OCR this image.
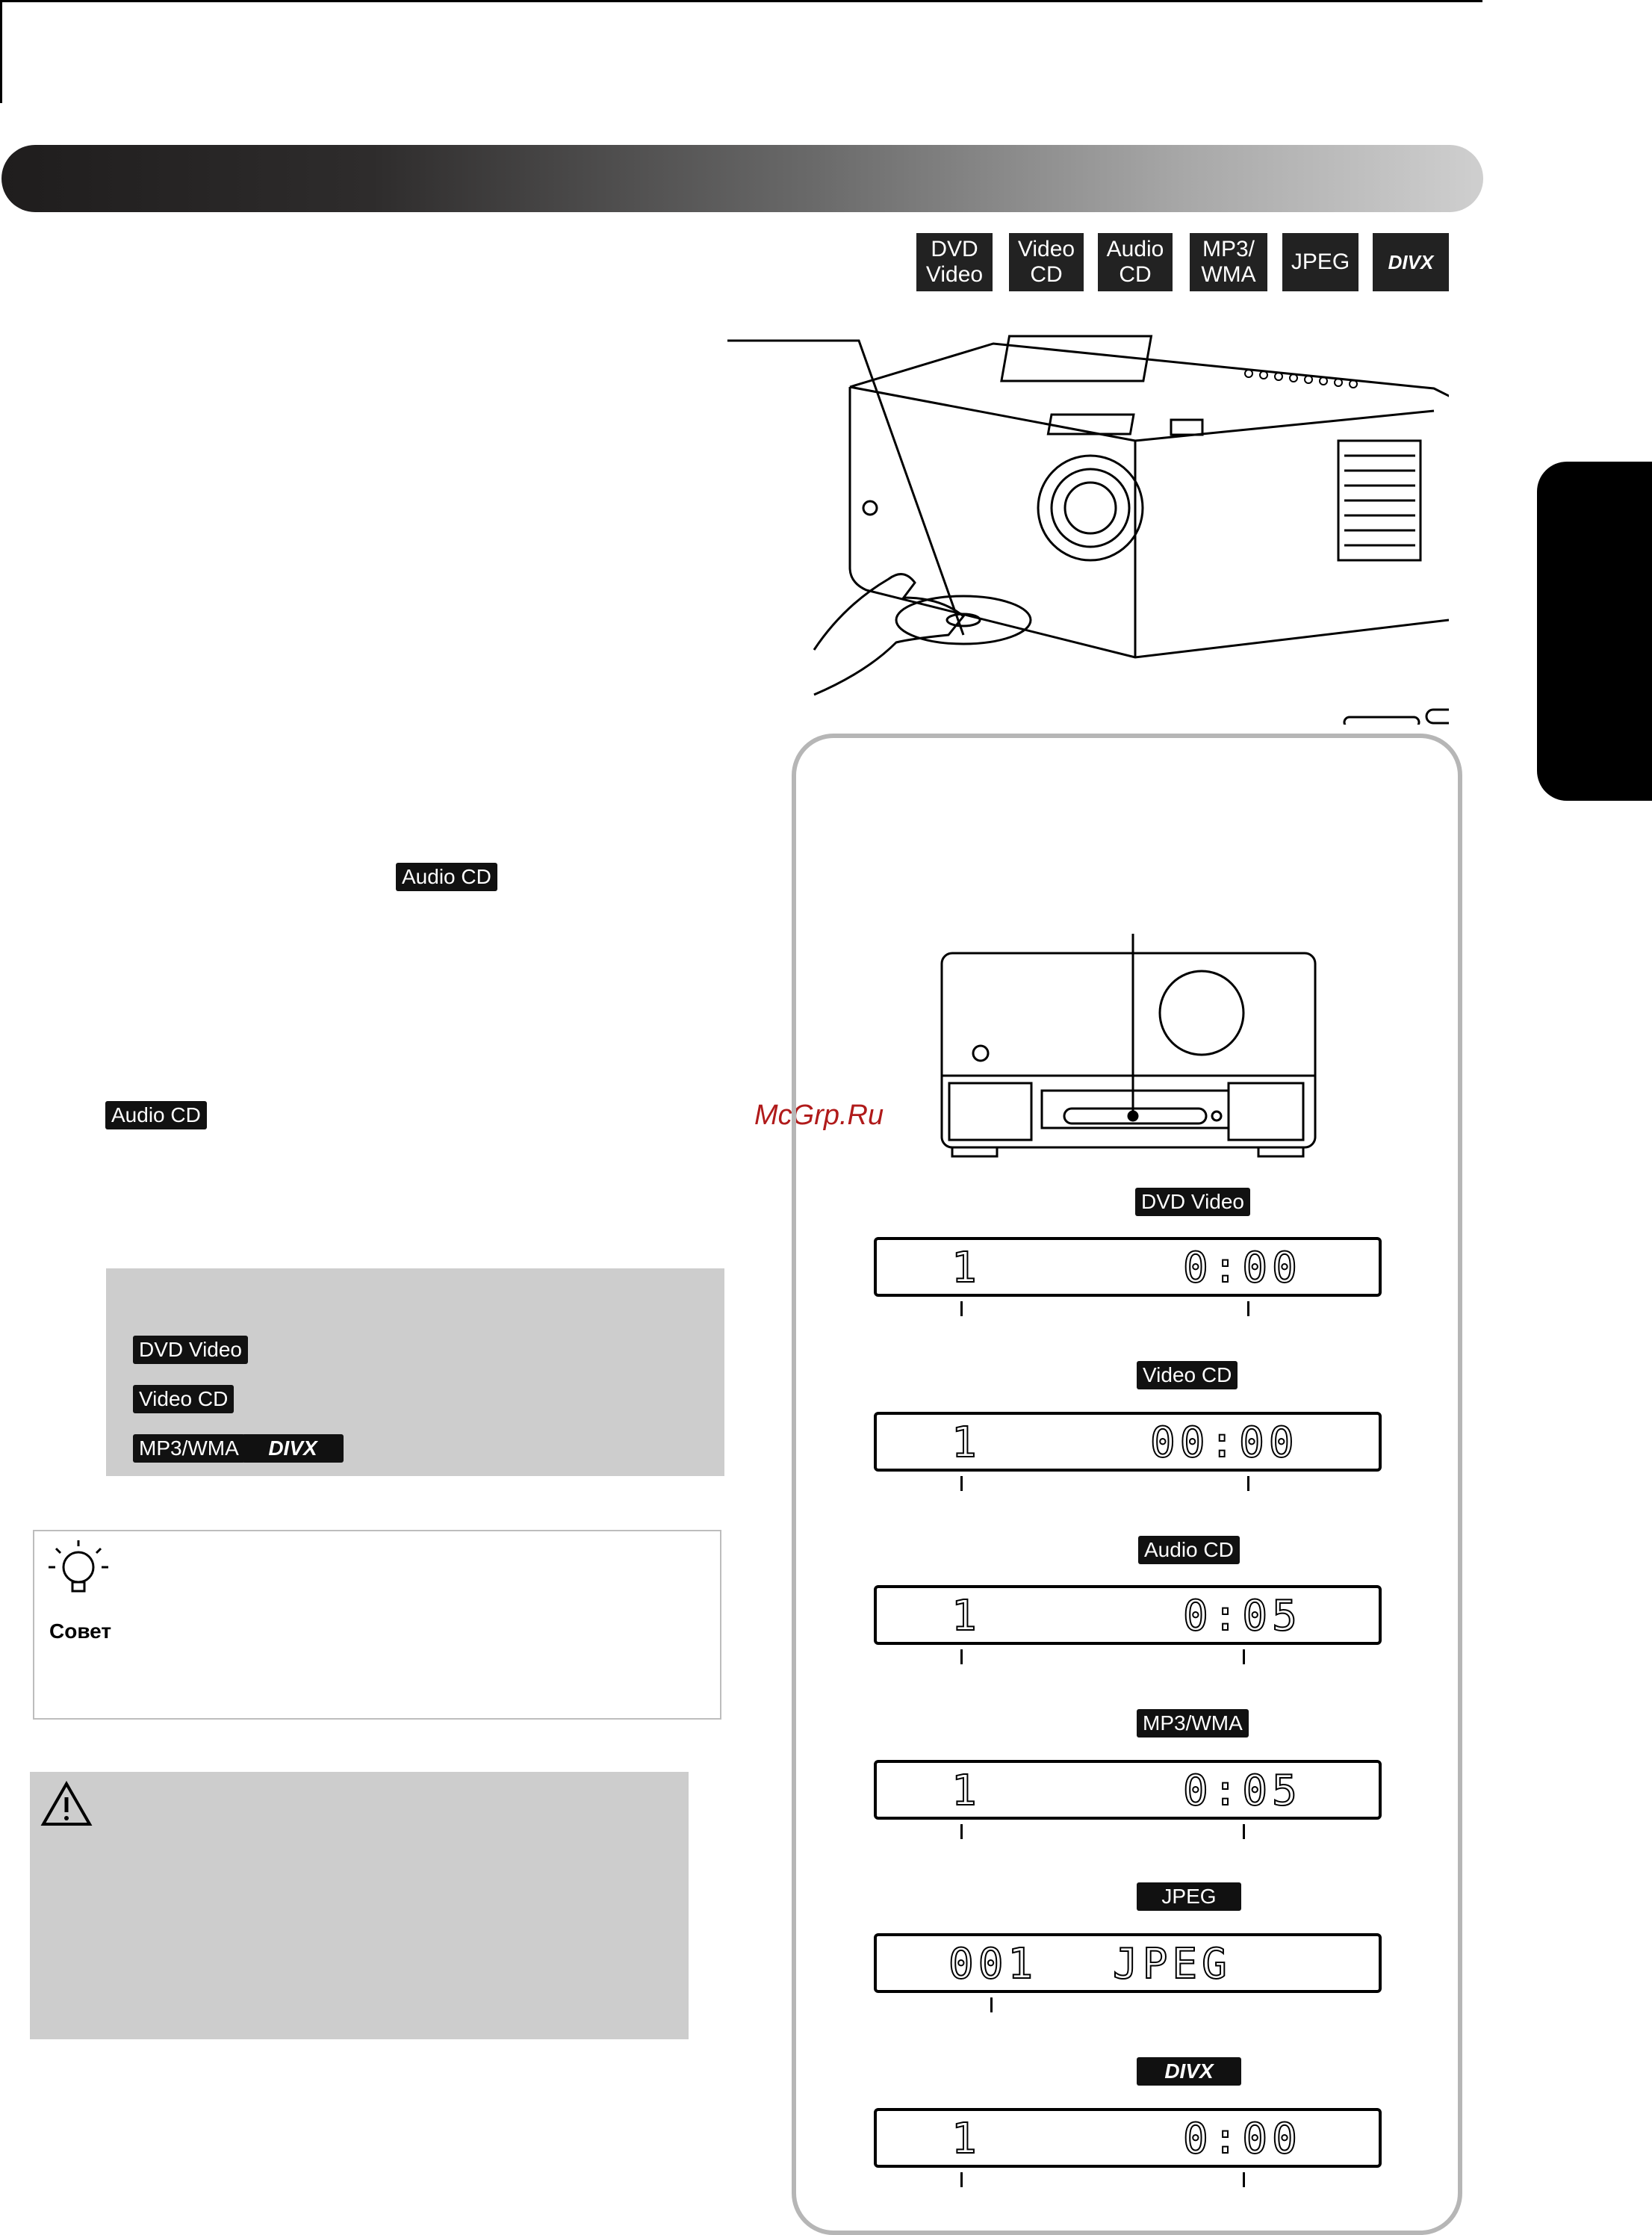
DVD
Video
Video
CD
Audio
CD
MP3/
WMA
JPEG	DIVX
Audio CD
Audio CD
DVD Video
Video CD
MP3/WMA	DIVX
Совет
McGrp.Ru
DVD Video
1	0:00
Video CD
1	00:00
Audio CD
1	0:05
MP3/WMA
1	0:05
JPEG
001 JPEG
DIVX
1	0:00
